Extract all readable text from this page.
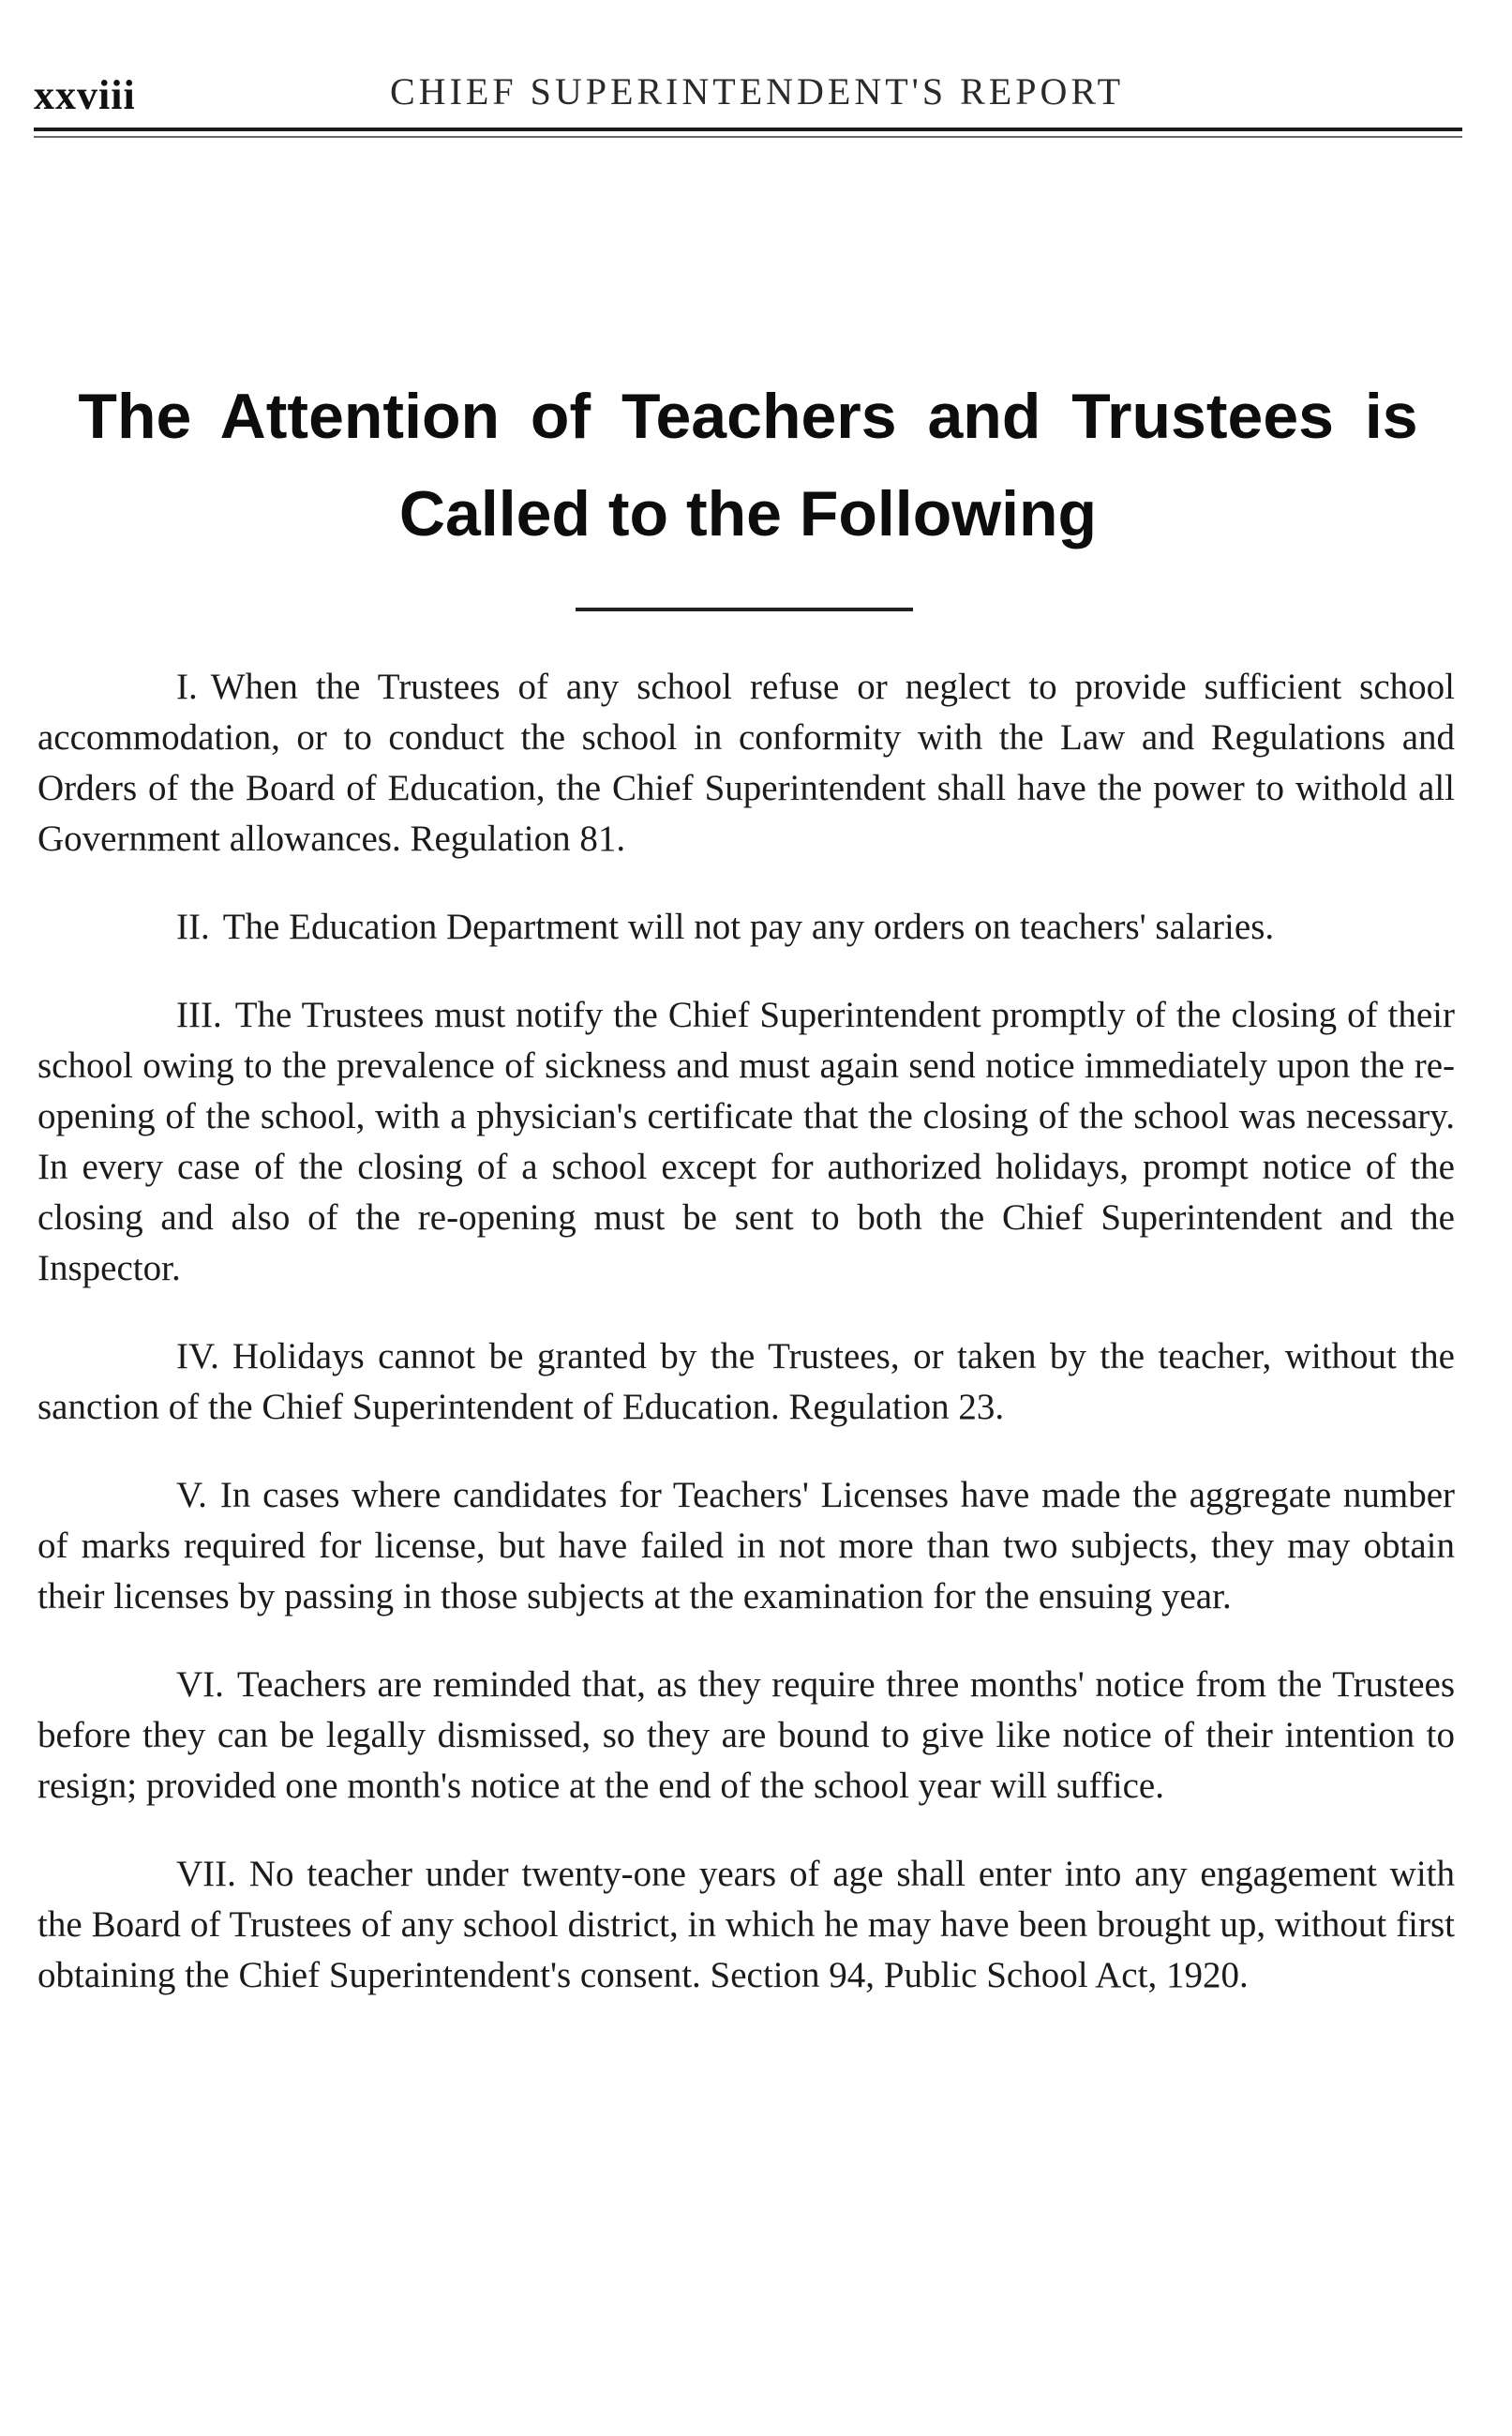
xxviii	CHIEF SUPERINTENDENT'S REPORT
The Attention of Teachers and Trustees is
Called to the Following

I. When the Trustees of any school refuse or neglect to provide sufficient school accommodation, or to conduct the school in conformity with the Law and Regulations and Orders of the Board of Education, the Chief Superintendent shall have the power to withold all Government allowances. Regulation 81.

II. The Education Department will not pay any orders on teachers' salaries.

III. The Trustees must notify the Chief Superintendent promptly of the closing of their school owing to the prevalence of sickness and must again send notice immediately upon the re-opening of the school, with a physician's certificate that the closing of the school was necessary. In every case of the closing of a school except for authorized holidays, prompt notice of the closing and also of the re-opening must be sent to both the Chief Superintendent and the Inspector.

IV. Holidays cannot be granted by the Trustees, or taken by the teacher, without the sanction of the Chief Superintendent of Education. Regulation 23.

V. In cases where candidates for Teachers' Licenses have made the aggregate number of marks required for license, but have failed in not more than two subjects, they may obtain their licenses by passing in those subjects at the examination for the ensuing year.

VI. Teachers are reminded that, as they require three months' notice from the Trustees before they can be legally dismissed, so they are bound to give like notice of their intention to resign; provided one month's notice at the end of the school year will suffice.

VII. No teacher under twenty-one years of age shall enter into any engagement with the Board of Trustees of any school district, in which he may have been brought up, without first obtaining the Chief Superintendent's consent. Section 94, Public School Act, 1920.
